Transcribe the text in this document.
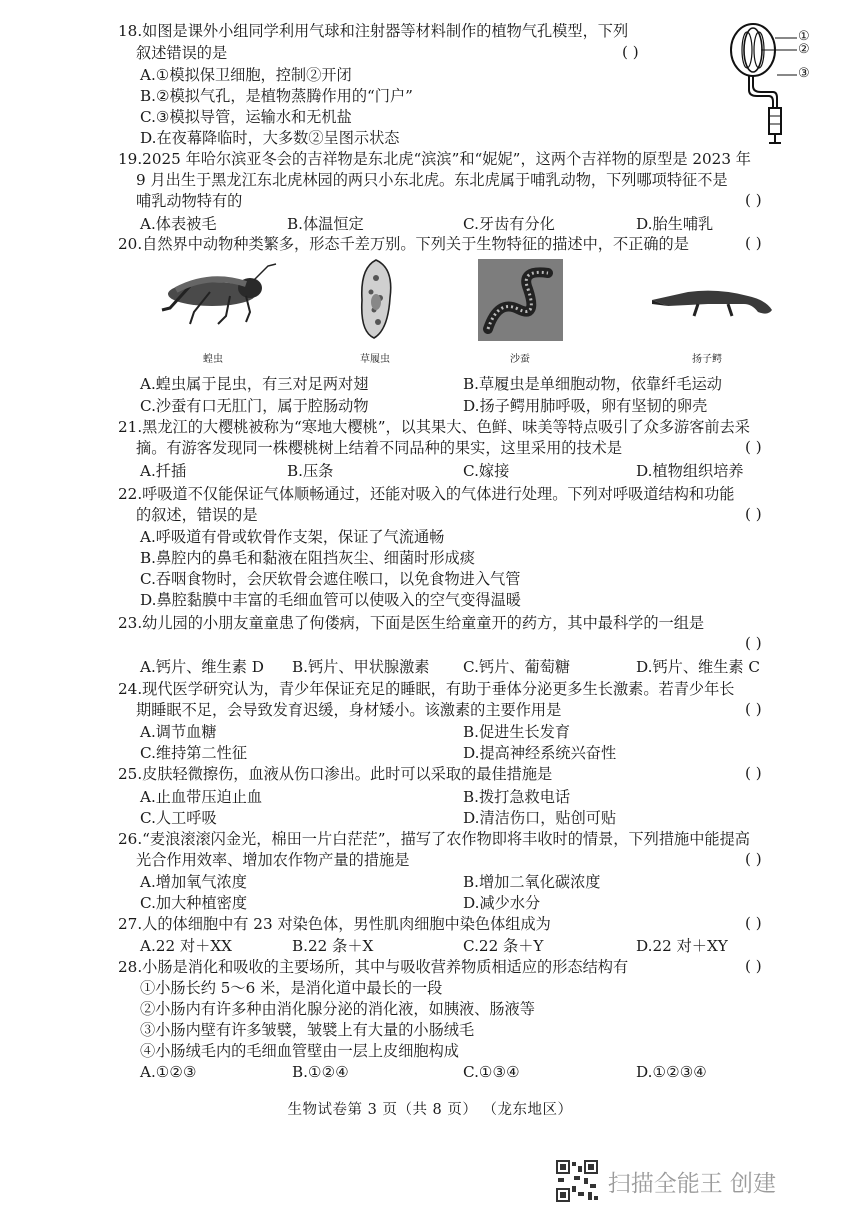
18.如图是课外小组同学利用气球和注射器等材料制作的植物气孔模型，下列
叙述错误的是	( )
A.①模拟保卫细胞，控制②开闭
B.②模拟气孔，是植物蒸腾作用的“门户”
C.③模拟导管，运输水和无机盐
D.在夜幕降临时，大多数②呈图示状态
①
②
③
19.2025 年哈尔滨亚冬会的吉祥物是东北虎“滨滨”和“妮妮”，这两个吉祥物的原型是 2023 年
9 月出生于黑龙江东北虎林园的两只小东北虎。东北虎属于哺乳动物，下列哪项特征不是
哺乳动物特有的	( )
A.体表被毛	B.体温恒定	C.牙齿有分化	D.胎生哺乳
20.自然界中动物种类繁多，形态千差万别。下列关于生物特征的描述中，不正确的是	( )
蝗虫	草履虫	沙蚕	扬子鳄
A.蝗虫属于昆虫，有三对足两对翅	B.草履虫是单细胞动物，依靠纤毛运动
C.沙蚕有口无肛门，属于腔肠动物	D.扬子鳄用肺呼吸，卵有坚韧的卵壳
21.黑龙江的大樱桃被称为“寒地大樱桃”，以其果大、色鲜、味美等特点吸引了众多游客前去采
摘。有游客发现同一株樱桃树上结着不同品种的果实，这里采用的技术是	( )
A.扦插	B.压条	C.嫁接	D.植物组织培养
22.呼吸道不仅能保证气体顺畅通过，还能对吸入的气体进行处理。下列对呼吸道结构和功能
的叙述，错误的是	( )
A.呼吸道有骨或软骨作支架，保证了气流通畅
B.鼻腔内的鼻毛和黏液在阻挡灰尘、细菌时形成痰
C.吞咽食物时，会厌软骨会遮住喉口，以免食物进入气管
D.鼻腔黏膜中丰富的毛细血管可以使吸入的空气变得温暖
23.幼儿园的小朋友童童患了佝偻病，下面是医生给童童开的药方，其中最科学的一组是
( )
A.钙片、维生素 D B.钙片、甲状腺激素 C.钙片、葡萄糖	D.钙片、维生素 C
24.现代医学研究认为，青少年保证充足的睡眠，有助于垂体分泌更多生长激素。若青少年长
期睡眠不足，会导致发育迟缓，身材矮小。该激素的主要作用是	( )
A.调节血糖	B.促进生长发育
C.维持第二性征	D.提高神经系统兴奋性
25.皮肤轻微擦伤，血液从伤口渗出。此时可以采取的最佳措施是	( )
A.止血带压迫止血	B.拨打急救电话
C.人工呼吸	D.清洁伤口，贴创可贴
26.“麦浪滚滚闪金光，棉田一片白茫茫”，描写了农作物即将丰收时的情景，下列措施中能提高
光合作用效率、增加农作物产量的措施是	( )
A.增加氧气浓度	B.增加二氧化碳浓度
C.加大种植密度	D.减少水分
27.人的体细胞中有 23 对染色体，男性肌肉细胞中染色体组成为	( )
A.22 对＋XX	B.22 条＋X	C.22 条＋Y	D.22 对＋XY
28.小肠是消化和吸收的主要场所，其中与吸收营养物质相适应的形态结构有	( )
①小肠长约 5～6 米，是消化道中最长的一段
②小肠内有许多种由消化腺分泌的消化液，如胰液、肠液等
③小肠内壁有许多皱襞，皱襞上有大量的小肠绒毛
④小肠绒毛内的毛细血管壁由一层上皮细胞构成
A.①②③	B.①②④	C.①③④	D.①②③④
生物试卷第 3 页（共 8 页） （龙东地区）
扫描全能王 创建
